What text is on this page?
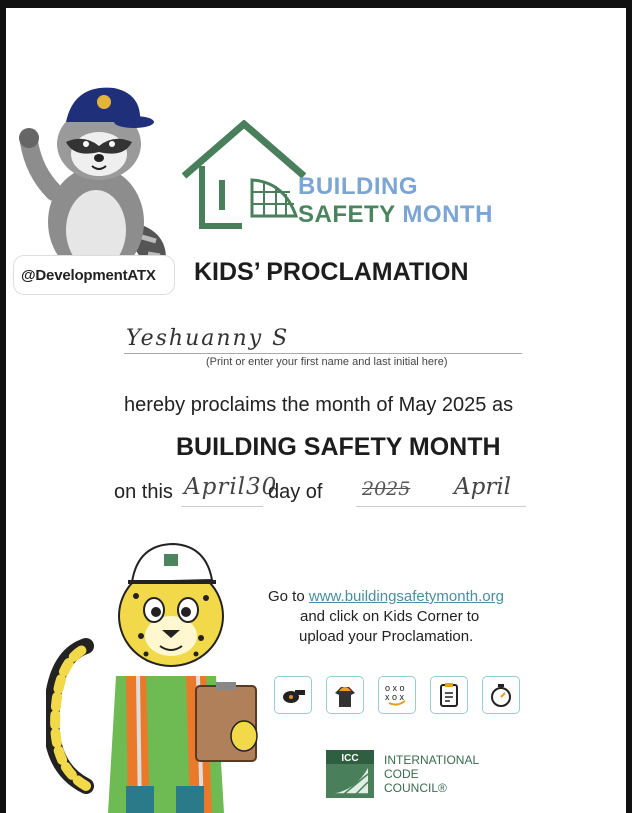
@DevelopmentATX
BUILDING
SAFETY MONTH
KIDS’ PROCLAMATION
Yeshuanny S
(Print or enter your first name and last initial here)
hereby proclaims the month of May 2025 as
BUILDING SAFETY MONTH
on this April30
day of 2025 April
Go to www.buildingsafetymonth.org
and click on Kids Corner to
upload your Proclamation.
o x o
x o x
ICC INTERNATIONAL
CODE
COUNCIL®
